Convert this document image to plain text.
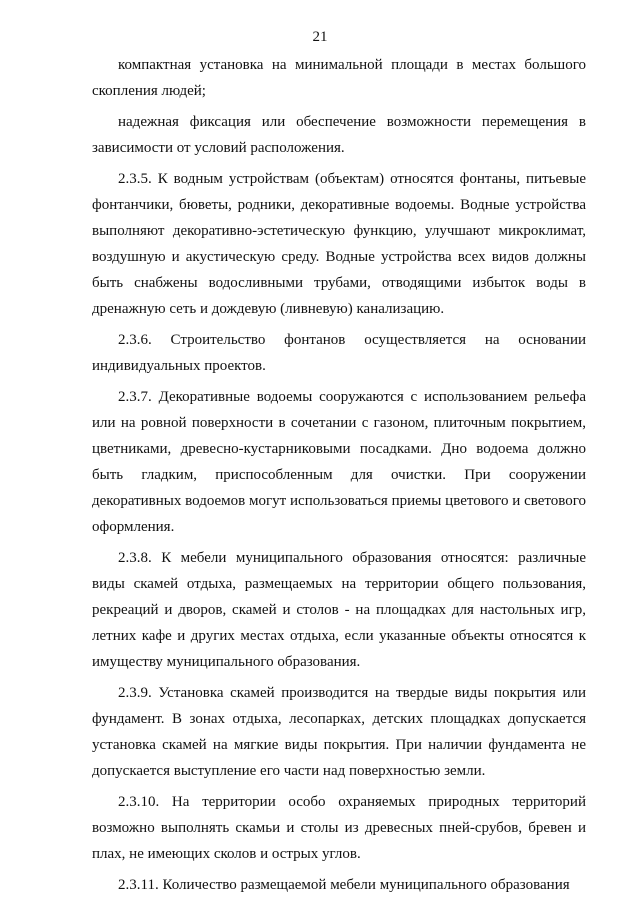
21

компактная установка на минимальной площади в местах большого скопления людей;

надежная фиксация или обеспечение возможности перемещения в зависимости от условий расположения.

2.3.5. К водным устройствам (объектам) относятся фонтаны, питьевые фонтанчики, бюветы, родники, декоративные водоемы. Водные устройства выполняют декоративно-эстетическую функцию, улучшают микроклимат, воздушную и акустическую среду. Водные устройства всех видов должны быть снабжены водосливными трубами, отводящими избыток воды в дренажную сеть и дождевую (ливневую) канализацию.

2.3.6. Строительство фонтанов осуществляется на основании индивидуальных проектов.

2.3.7. Декоративные водоемы сооружаются с использованием рельефа или на ровной поверхности в сочетании с газоном, плиточным покрытием, цветниками, древесно-кустарниковыми посадками. Дно водоема должно быть гладким, приспособленным для очистки. При сооружении декоративных водоемов могут использоваться приемы цветового и светового оформления.

2.3.8. К мебели муниципального образования относятся: различные виды скамей отдыха, размещаемых на территории общего пользования, рекреаций и дворов, скамей и столов - на площадках для настольных игр, летних кафе и других местах отдыха, если указанные объекты относятся к имуществу муниципального образования.

2.3.9. Установка скамей производится на твердые виды покрытия или фундамент. В зонах отдыха, лесопарках, детских площадках допускается установка скамей на мягкие виды покрытия. При наличии фундамента не допускается выступление его части над поверхностью земли.

2.3.10. На территории особо охраняемых природных территорий возможно выполнять скамьи и столы из древесных пней-срубов, бревен и плах, не имеющих сколов и острых углов.

2.3.11. Количество размещаемой мебели муниципального образования
